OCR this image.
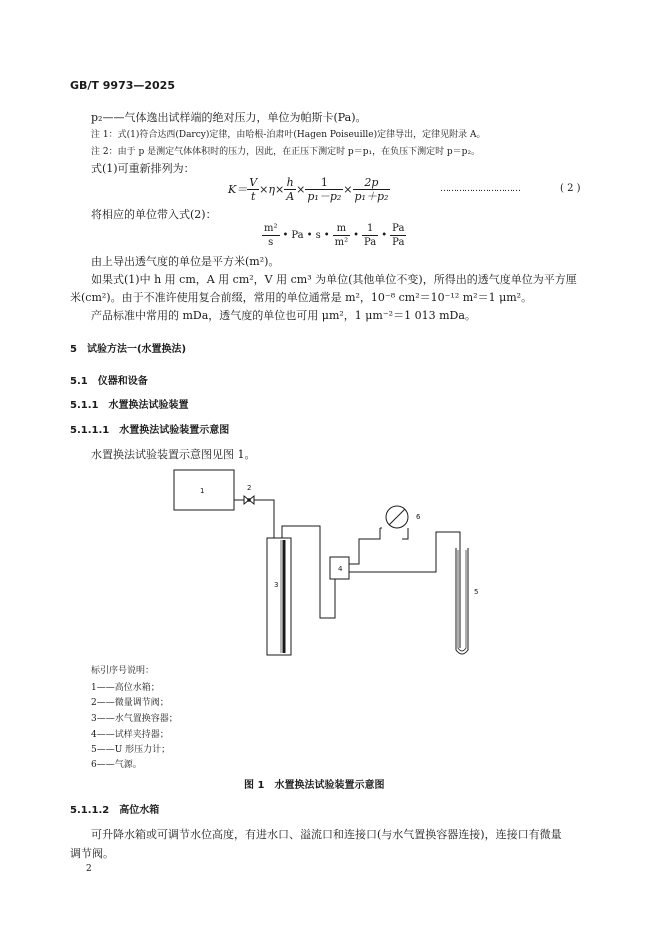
GB/T 9973—2025
p₂——气体逸出试样端的绝对压力，单位为帕斯卡(Pa)。
注 1：式(1)符合达西(Darcy)定律，由哈根-泊肃叶(Hagen Poiseuille)定律导出，定律见附录 A。
注 2：由于 p 是测定气体体积时的压力，因此，在正压下测定时 p＝p₁，在负压下测定时 p＝p₂。
式(1)可重新排列为：
$K= \frac{V}{t} \times \eta \times \frac{h}{A} \times \frac{1}{\text{p₁－p₂}} \times \frac{2p}{\text{p₁＋p₂}}$	…………………………	( 2 )
将相应的单位带入式(2)：
$\frac{\text{m²}}{s}$ • Pa • s • $\frac{m}{\text{m²}}$ • $\frac{1}{Pa}$ • $\frac{Pa}{Pa}$
由上导出透气度的单位是平方米(m²)。
如果式(1)中 h 用 cm，A 用 cm²，V 用 cm³ 为单位(其他单位不变)，所得出的透气度单位为平方厘
米(cm²)。由于不准许使用复合前缀，常用的单位通常是 m²，10⁻⁸ cm²＝10⁻¹² m²＝1 μm²。
产品标准中常用的 mDa，透气度的单位也可用 μm²，1 μm⁻²＝1 013 mDa。
5　试验方法一(水置换法)
5.1　仪器和设备
5.1.1　水置换法试验装置
5.1.1.1　水置换法试验装置示意图
水置换法试验装置示意图见图 1。
1	2
3
4
5
6
标引序号说明：
1——高位水箱；
2——微量调节阀；
3——水气置换容器；
4——试样夹持器；
5——U 形压力计；
6——气源。
图 1　水置换法试验装置示意图
5.1.1.2　高位水箱
可升降水箱或可调节水位高度，有进水口、溢流口和连接口(与水气置换容器连接)，连接口有微量
调节阀。
2
